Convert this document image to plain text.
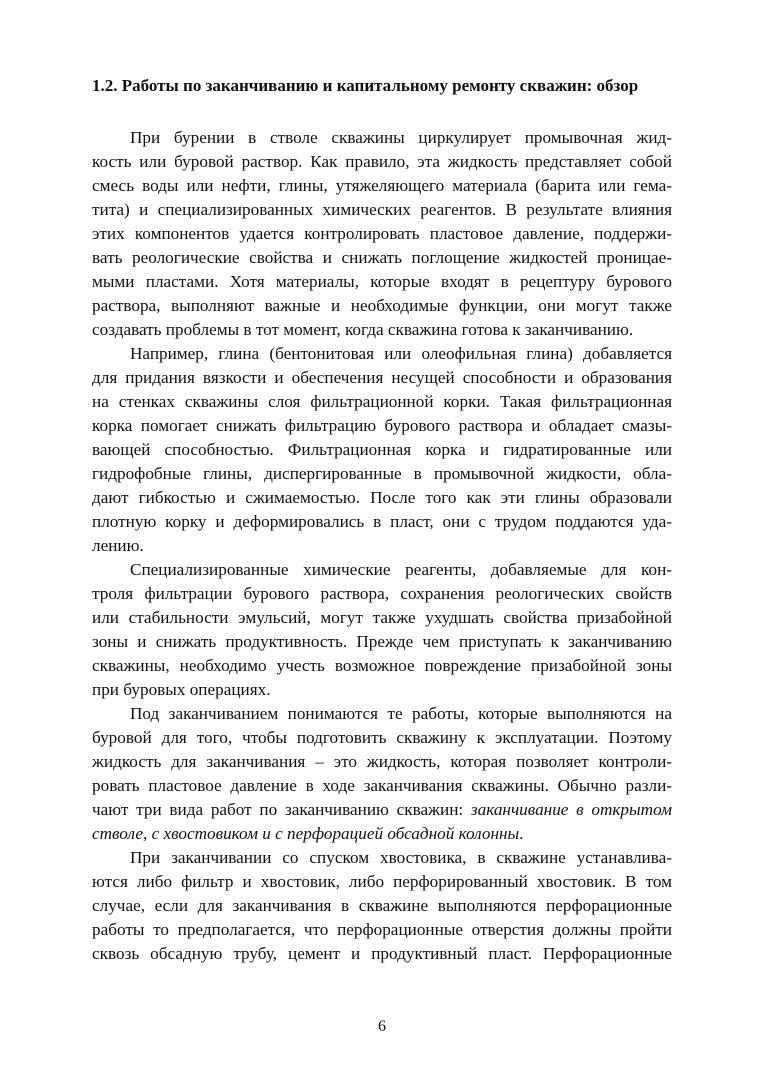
1.2. Работы по заканчиванию и капитальному ремонту скважин: обзор
При бурении в стволе скважины циркулирует промывочная жид-
кость или буровой раствор. Как правило, эта жидкость представляет собой
смесь воды или нефти, глины, утяжеляющего материала (барита или гема-
тита) и специализированных химических реагентов. В результате влияния
этих компонентов удается контролировать пластовое давление, поддержи-
вать реологические свойства и снижать поглощение жидкостей проницае-
мыми пластами. Хотя материалы, которые входят в рецептуру бурового
раствора, выполняют важные и необходимые функции, они могут также
создавать проблемы в тот момент, когда скважина готова к заканчиванию.
Например, глина (бентонитовая или олеофильная глина) добавляется
для придания вязкости и обеспечения несущей способности и образования
на стенках скважины слоя фильтрационной корки. Такая фильтрационная
корка помогает снижать фильтрацию бурового раствора и обладает смазы-
вающей способностью. Фильтрационная корка и гидратированные или
гидрофобные глины, диспергированные в промывочной жидкости, обла-
дают гибкостью и сжимаемостью. После того как эти глины образовали
плотную корку и деформировались в пласт, они с трудом поддаются уда-
лению.
Специализированные химические реагенты, добавляемые для кон-
троля фильтрации бурового раствора, сохранения реологических свойств
или стабильности эмульсий, могут также ухудшать свойства призабойной
зоны и снижать продуктивность. Прежде чем приступать к заканчиванию
скважины, необходимо учесть возможное повреждение призабойной зоны
при буровых операциях.
Под заканчиванием понимаются те работы, которые выполняются на
буровой для того, чтобы подготовить скважину к эксплуатации. Поэтому
жидкость для заканчивания – это жидкость, которая позволяет контроли-
ровать пластовое давление в ходе заканчивания скважины. Обычно разли-
чают три вида работ по заканчиванию скважин: заканчивание в открытом
стволе, с хвостовиком и с перфорацией обсадной колонны.
При заканчивании со спуском хвостовика, в скважине устанавлива-
ются либо фильтр и хвостовик, либо перфорированный хвостовик. В том
случае, если для заканчивания в скважине выполняются перфорационные
работы то предполагается, что перфорационные отверстия должны пройти
сквозь обсадную трубу, цемент и продуктивный пласт. Перфорационные
6
